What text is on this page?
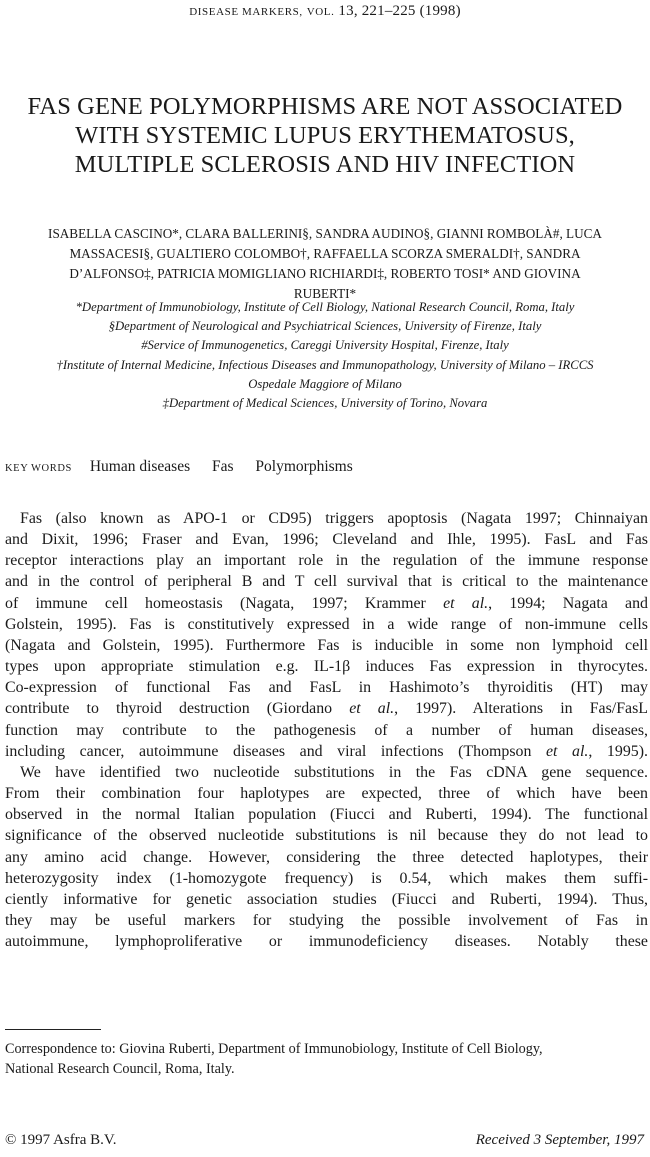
DISEASE MARKERS, VOL. 13, 221–225 (1998)
FAS GENE POLYMORPHISMS ARE NOT ASSOCIATED
WITH SYSTEMIC LUPUS ERYTHEMATOSUS,
MULTIPLE SCLEROSIS AND HIV INFECTION
ISABELLA CASCINO*, CLARA BALLERINI§, SANDRA AUDINO§, GIANNI ROMBOLÀ#, LUCA
MASSACESI§, GUALTIERO COLOMBO†, RAFFAELLA SCORZA SMERALDI†, SANDRA
D’ALFONSO‡, PATRICIA MOMIGLIANO RICHIARDI‡, ROBERTO TOSI* AND GIOVINA
RUBERTI*
*Department of Immunobiology, Institute of Cell Biology, National Research Council, Roma, Italy
§Department of Neurological and Psychiatrical Sciences, University of Firenze, Italy
#Service of Immunogenetics, Careggi University Hospital, Firenze, Italy
†Institute of Internal Medicine, Infectious Diseases and Immunopathology, University of Milano – IRCCS
Ospedale Maggiore of Milano
‡Department of Medical Sciences, University of Torino, Novara
KEY WORDS Human diseases Fas Polymorphisms
Fas (also known as APO-1 or CD95) triggers apoptosis (Nagata 1997; Chinnaiyan
and Dixit, 1996; Fraser and Evan, 1996; Cleveland and Ihle, 1995). FasL and Fas
receptor interactions play an important role in the regulation of the immune response
and in the control of peripheral B and T cell survival that is critical to the maintenance
of immune cell homeostasis (Nagata, 1997; Krammer et al., 1994; Nagata and
Golstein, 1995). Fas is constitutively expressed in a wide range of non-immune cells
(Nagata and Golstein, 1995). Furthermore Fas is inducible in some non lymphoid cell
types upon appropriate stimulation e.g. IL-1β induces Fas expression in thyrocytes.
Co-expression of functional Fas and FasL in Hashimoto’s thyroiditis (HT) may
contribute to thyroid destruction (Giordano et al., 1997). Alterations in Fas/FasL
function may contribute to the pathogenesis of a number of human diseases,
including cancer, autoimmune diseases and viral infections (Thompson et al., 1995).
We have identified two nucleotide substitutions in the Fas cDNA gene sequence.
From their combination four haplotypes are expected, three of which have been
observed in the normal Italian population (Fiucci and Ruberti, 1994). The functional
significance of the observed nucleotide substitutions is nil because they do not lead to
any amino acid change. However, considering the three detected haplotypes, their
heterozygosity index (1-homozygote frequency) is 0.54, which makes them suffi-
ciently informative for genetic association studies (Fiucci and Ruberti, 1994). Thus,
they may be useful markers for studying the possible involvement of Fas in
autoimmune, lymphoproliferative or immunodeficiency diseases. Notably these
Correspondence to: Giovina Ruberti, Department of Immunobiology, Institute of Cell Biology,
National Research Council, Roma, Italy.
© 1997 Asfra B.V.	Received 3 September, 1997
